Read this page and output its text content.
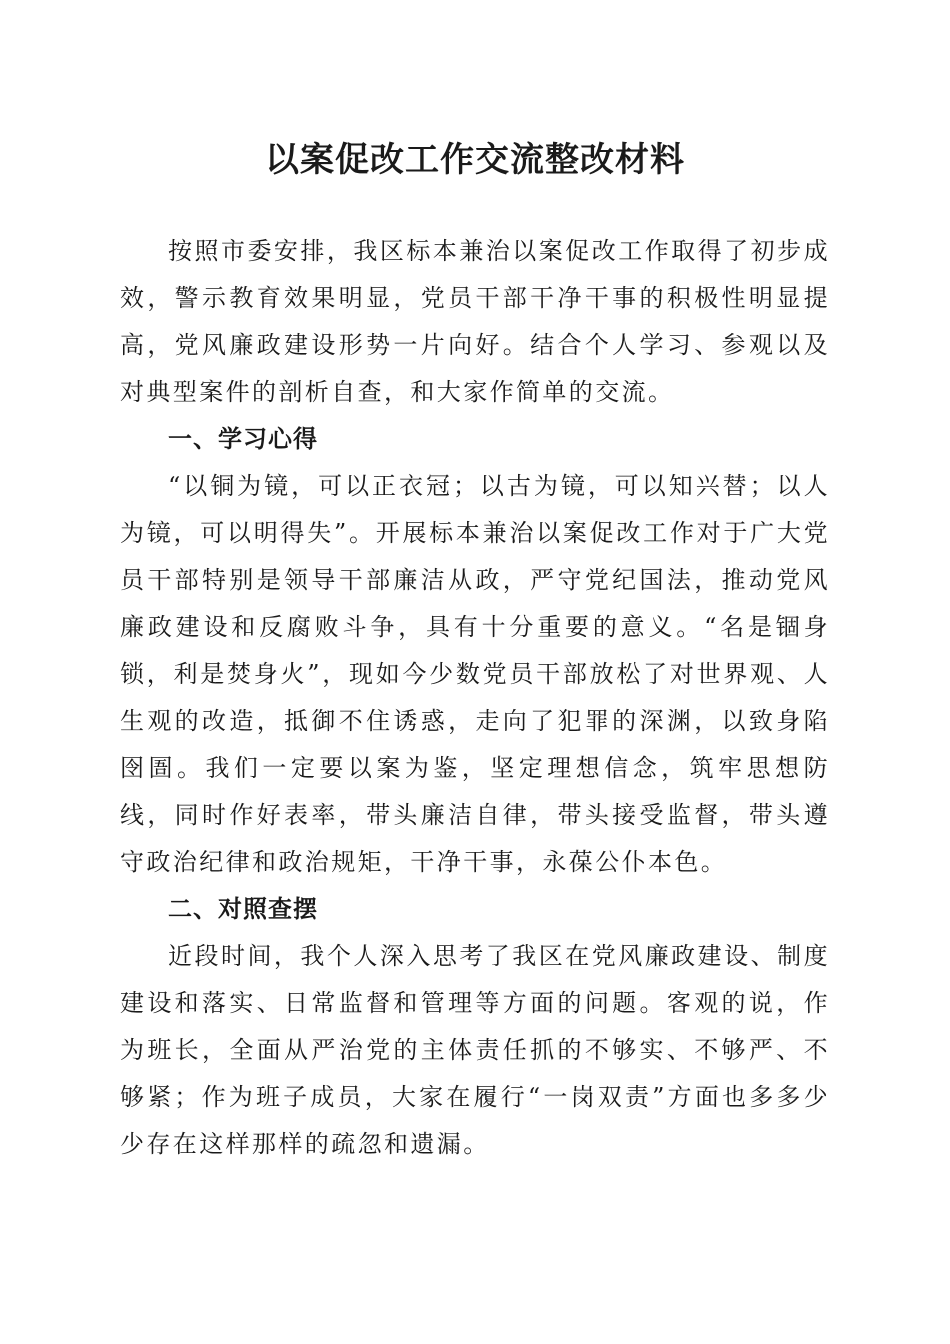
以案促改工作交流整改材料

按照市委安排，我区标本兼治以案促改工作取得了初步成效，警示教育效果明显，党员干部干净干事的积极性明显提高，党风廉政建设形势一片向好。结合个人学习、参观以及对典型案件的剖析自查，和大家作简单的交流。

一、学习心得

“以铜为镜，可以正衣冠；以古为镜，可以知兴替；以人为镜，可以明得失”。开展标本兼治以案促改工作对于广大党员干部特别是领导干部廉洁从政，严守党纪国法，推动党风廉政建设和反腐败斗争，具有十分重要的意义。“名是锢身锁，利是焚身火”，现如今少数党员干部放松了对世界观、人生观的改造，抵御不住诱惑，走向了犯罪的深渊，以致身陷囹圄。我们一定要以案为鉴，坚定理想信念，筑牢思想防线，同时作好表率，带头廉洁自律，带头接受监督，带头遵守政治纪律和政治规矩，干净干事，永葆公仆本色。

二、对照查摆

近段时间，我个人深入思考了我区在党风廉政建设、制度建设和落实、日常监督和管理等方面的问题。客观的说，作为班长，全面从严治党的主体责任抓的不够实、不够严、不够紧；作为班子成员，大家在履行“一岗双责”方面也多多少少存在这样那样的疏忽和遗漏。
